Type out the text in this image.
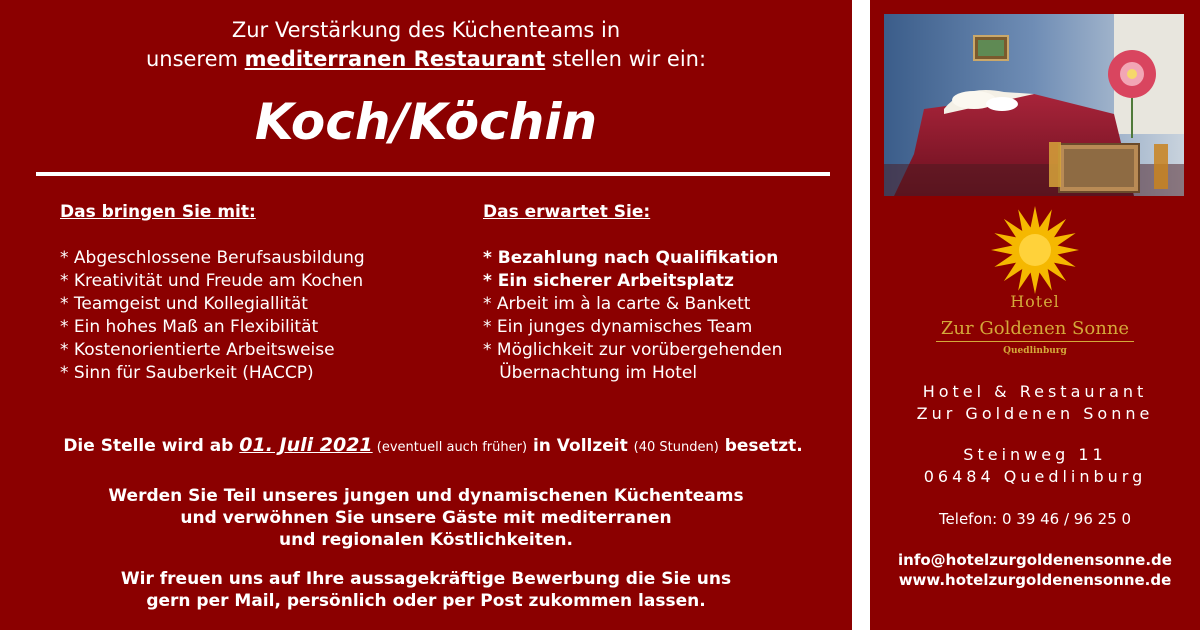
Zur Verstärkung des Küchenteams in
unserem mediterranen Restaurant stellen wir ein:
Koch/Köchin
Das bringen Sie mit:
* Abgeschlossene Berufsausbildung
* Kreativität und Freude am Kochen
* Teamgeist und Kollegiallität
* Ein hohes Maß an Flexibilität
* Kostenorientierte Arbeitsweise
* Sinn für Sauberkeit (HACCP)
Das erwartet Sie:
* Bezahlung nach Qualifikation
* Ein sicherer Arbeitsplatz
* Arbeit im à la carte & Bankett
* Ein junges dynamisches Team
* Möglichkeit zur vorübergehenden
Übernachtung im Hotel
Die Stelle wird ab 01. Juli 2021 (eventuell auch früher) in Vollzeit (40 Stunden) besetzt.
Werden Sie Teil unseres jungen und dynamischenen Küchenteams
und verwöhnen Sie unsere Gäste mit mediterranen
und regionalen Köstlichkeiten.
Wir freuen uns auf Ihre aussagekräftige Bewerbung die Sie uns
gern per Mail, persönlich oder per Post zukommen lassen.
Hotel
Zur Goldenen Sonne
Quedlinburg
Hotel & Restaurant
Zur Goldenen Sonne
Steinweg 11
06484 Quedlinburg
Telefon: 0 39 46 / 96 25 0
info@hotelzurgoldenensonne.de
www.hotelzurgoldenensonne.de
